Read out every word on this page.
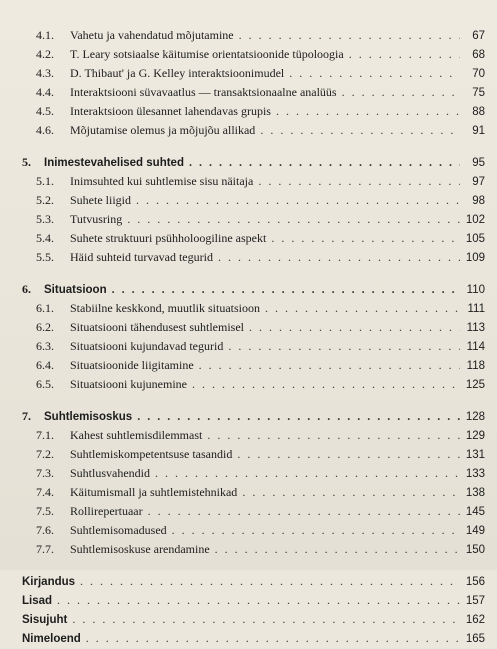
4.1.	Vahetu ja vahendatud mõjutamine . . .	67
4.2.	T. Leary sotsiaalse käitumise orientatsioonide tüpoloogia . . .	68
4.3.	D. Thibaut' ja G. Kelley interaktsioonimudel . . .	70
4.4.	Interaktsiooni süvavaatlus — transaktsionaalne analüüs . . .	75
4.5.	Interaktsioon ülesannet lahendavas grupis . . .	88
4.6.	Mõjutamise olemus ja mõjujõu allikad . . .	91
5.	Inimestevahelised suhted . . .	95
5.1.	Inimsuhted kui suhtlemise sisu näitaja . . .	97
5.2.	Suhete liigid . . .	98
5.3.	Tutvusring . . .	102
5.4.	Suhete struktuuri psühholoogiline aspekt . . .	105
5.5.	Häid suhteid turvavad tegurid . . .	109
6.	Situatsioon . . .	110
6.1.	Stabiilne keskkond, muutlik situatsioon . . .	111
6.2.	Situatsiooni tähendusest suhtlemisel . . .	113
6.3.	Situatsiooni kujundavad tegurid . . .	114
6.4.	Situatsioonide liigitamine . . .	118
6.5.	Situatsiooni kujunemine . . .	125
7.	Suhtlemisoskus . . .	128
7.1.	Kahest suhtlemisdilemmast . . .	129
7.2.	Suhtlemiskompetentsuse tasandid . . .	131
7.3.	Suhtlusvahendid . . .	133
7.4.	Käitumismall ja suhtlemistehnikad . . .	138
7.5.	Rollirepertuaar . . .	145
7.6.	Suhtlemisomadused . . .	149
7.7.	Suhtlemisoskuse arendamine . . .	150
Kirjandus . . .	156
Lisad . . .	157
Sisujuht . . .	162
Nimeloend . . .	165
